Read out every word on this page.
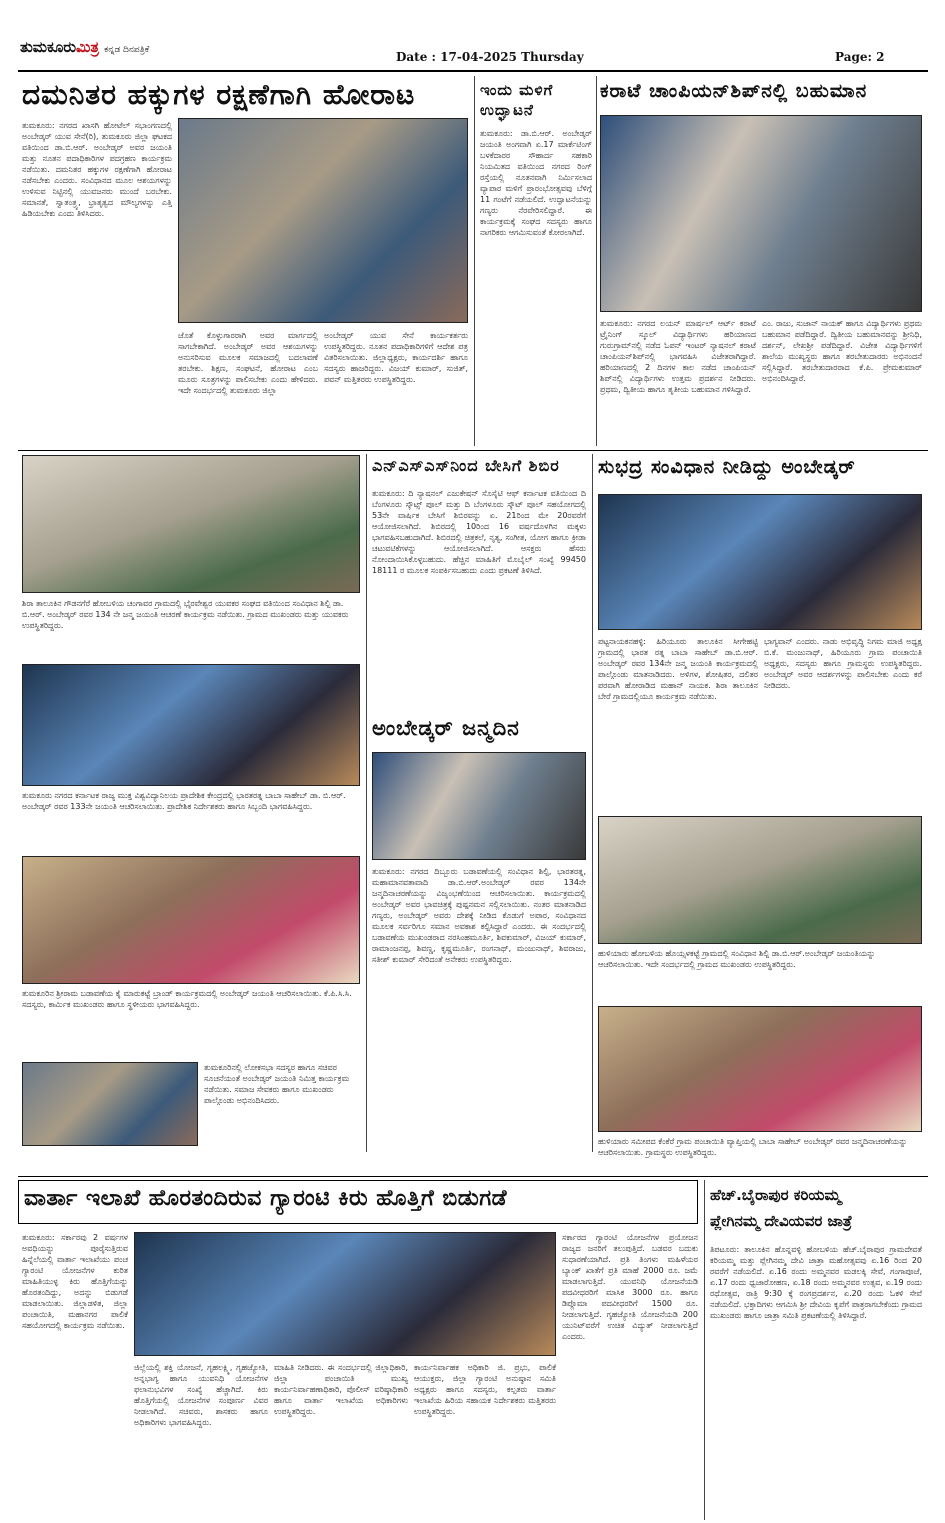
ತುಮಕೂರುಮಿತ್ರ ಕನ್ನಡ ದಿನಪತ್ರಿಕೆ	Date : 17-04-2025 Thursday	Page: 2
ದಮನಿತರ ಹಕ್ಕುಗಳ ರಕ್ಷಣೆಗಾಗಿ ಹೋರಾಟ
ತುಮಕೂರು: ನಗರದ ಖಾಸಗಿ ಹೋಟೆಲ್ ಸಭಾಂಗಣದಲ್ಲಿ ಅಂಬೇಡ್ಕರ್ ಯುವ ಸೇನೆ(ರಿ), ತುಮಕೂರು ಜಿಲ್ಲಾ ಘಟಕದ ವತಿಯಿಂದ ಡಾ.ಬಿ.ಆರ್. ಅಂಬೇಡ್ಕರ್ ಅವರ ಜಯಂತಿ ಮತ್ತು ನೂತನ ಪದಾಧಿಕಾರಿಗಳ ಪದಗ್ರಹಣ ಕಾರ್ಯಕ್ರಮ ನಡೆಯಿತು. ದಮನಿತರ ಹಕ್ಕುಗಳ ರಕ್ಷಣೆಗಾಗಿ ಹೋರಾಟ ನಡೆಸಬೇಕು ಎಂದರು. ಸಂವಿಧಾನದ ಮೂಲ ಆಶಯಗಳನ್ನು ಉಳಿಸುವ ನಿಟ್ಟಿನಲ್ಲಿ ಯುವಜನರು ಮುಂದೆ ಬರಬೇಕು. ಸಮಾನತೆ, ಸ್ವಾತಂತ್ರ್ಯ, ಭ್ರಾತೃತ್ವದ ಮೌಲ್ಯಗಳನ್ನು ಎತ್ತಿ ಹಿಡಿಯಬೇಕು ಎಂದು ತಿಳಿಸಿದರು.
ಜೊತೆ ಕೊಳ್ಳುಗಾರರಾಗಿ ಅವರ ಮಾರ್ಗದಲ್ಲಿ ಸಾಗಬೇಕಾಗಿದೆ. ಅಂಬೇಡ್ಕರ್ ಅವರ ಆಶಯಗಳನ್ನು ಅನುಸರಿಸುವ ಮೂಲಕ ಸಮಾಜದಲ್ಲಿ ಬದಲಾವಣೆ ತರಬೇಕು. ಶಿಕ್ಷಣ, ಸಂಘಟನೆ, ಹೋರಾಟ ಎಂಬ ಮೂರು ಸೂತ್ರಗಳನ್ನು ಪಾಲಿಸಬೇಕು ಎಂದು ಹೇಳಿದರು. ಇದೇ ಸಂದರ್ಭದಲ್ಲಿ ತುಮಕೂರು ಜಿಲ್ಲಾ
ಅಂಬೇಡ್ಕರ್ ಯುವ ಸೇನೆ ಕಾರ್ಯಕರ್ತರು ಉಪಸ್ಥಿತರಿದ್ದರು. ನೂತನ ಪದಾಧಿಕಾರಿಗಳಿಗೆ ಆದೇಶ ಪತ್ರ ವಿತರಿಸಲಾಯಿತು. ಜಿಲ್ಲಾಧ್ಯಕ್ಷರು, ಕಾರ್ಯದರ್ಶಿ ಹಾಗೂ ಸದಸ್ಯರು ಹಾಜರಿದ್ದರು. ವಿಜಯ್ ಕುಮಾರ್, ಸುಜಿತ್, ಪವನ್ ಮತ್ತಿತರರು ಉಪಸ್ಥಿತರಿದ್ದರು.
ಇಂದು ಮಳಿಗೆ ಉದ್ಘಾಟನೆ
ತುಮಕೂರು: ಡಾ.ಬಿ.ಆರ್. ಅಂಬೇಡ್ಕರ್ ಜಯಂತಿ ಅಂಗವಾಗಿ ಏ.17 ಮಾರ್ಕೆಟಿಂಗ್ ಬಳಕೆದಾರರ ಸೌಹಾರ್ದ ಸಹಕಾರಿ ನಿಯಮಿತದ ವತಿಯಿಂದ ನಗರದ ರಿಂಗ್ ರಸ್ತೆಯಲ್ಲಿ ನೂತನವಾಗಿ ನಿರ್ಮಿಸಲಾದ ವ್ಯಾಪಾರ ಮಳಿಗೆ ಪ್ರಾರಂಭೋತ್ಸವವು ಬೆಳಿಗ್ಗೆ 11 ಗಂಟೆಗೆ ನಡೆಯಲಿದೆ. ಉದ್ಘಾಟನೆಯನ್ನು ಗಣ್ಯರು ನೆರವೇರಿಸಲಿದ್ದಾರೆ. ಈ ಕಾರ್ಯಕ್ರಮಕ್ಕೆ ಸಂಘದ ಸದಸ್ಯರು ಹಾಗೂ ನಾಗರಿಕರು ಆಗಮಿಸುವಂತೆ ಕೋರಲಾಗಿದೆ.
ಕರಾಟೆ ಚಾಂಪಿಯನ್‌ಶಿಪ್‌ನಲ್ಲಿ ಬಹುಮಾನ
ತುಮಕೂರು: ನಗರದ ಲಯನ್ ಮಾರ್ಷಲ್ ಆರ್ಟ್ ಕರಾಟೆ ಟ್ರೈನಿಂಗ್ ಸ್ಕೂಲ್ ವಿದ್ಯಾರ್ಥಿಗಳು ಹರಿಯಾಣದ ಗುರುಗ್ರಾಮ್‌ನಲ್ಲಿ ನಡೆದ ಓಪನ್ ಇಂಟರ್ ನ್ಯಾಷನಲ್ ಕರಾಟೆ ಚಾಂಪಿಯನ್‌ಶಿಪ್‌ನಲ್ಲಿ ಭಾಗವಹಿಸಿ ವಿಜೇತರಾಗಿದ್ದಾರೆ. ಹರಿಯಾಣದಲ್ಲಿ 2 ದಿನಗಳ ಕಾಲ ನಡೆದ ಚಾಂಪಿಯನ್ ಶಿಪ್‌ನಲ್ಲಿ ವಿದ್ಯಾರ್ಥಿಗಳು ಉತ್ತಮ ಪ್ರದರ್ಶನ ನೀಡಿದರು. ಪ್ರಥಮ, ದ್ವಿತೀಯ ಹಾಗೂ ತೃತೀಯ ಬಹುಮಾನ ಗಳಿಸಿದ್ದಾರೆ.
ಎಂ. ರಾಜು, ಸುಜಾನ್ ನಾಯಕ್ ಹಾಗೂ ವಿದ್ಯಾರ್ಥಿಗಳು ಪ್ರಥಮ ಬಹುಮಾನ ಪಡೆದಿದ್ದಾರೆ. ದ್ವಿತೀಯ ಬಹುಮಾನವನ್ನು ಶ್ರೀನಿಧಿ, ದರ್ಶನ್, ಲೇಖಶ್ರೀ ಪಡೆದಿದ್ದಾರೆ. ವಿಜೇತ ವಿದ್ಯಾರ್ಥಿಗಳಿಗೆ ಶಾಲೆಯ ಮುಖ್ಯಸ್ಥರು ಹಾಗೂ ತರಬೇತುದಾರರು ಅಭಿನಂದನೆ ಸಲ್ಲಿಸಿದ್ದಾರೆ. ತರಬೇತುದಾರರಾದ ಕೆ.ಪಿ. ಪ್ರೇಮಕುಮಾರ್ ಅಭಿನಂದಿಸಿದ್ದಾರೆ.
ಶಿರಾ ತಾಲೂಕಿನ ಗೌಡನಗೆರೆ ಹೋಬಳಿಯ ಚಂಗಾವರ ಗ್ರಾಮದಲ್ಲಿ ಭೈರವೇಶ್ವರ ಯುವಕರ ಸಂಘದ ವತಿಯಿಂದ ಸಂವಿಧಾನ ಶಿಲ್ಪಿ ಡಾ. ಬಿ.ಆರ್. ಅಂಬೇಡ್ಕರ್ ರವರ 134 ನೇ ಜನ್ಮ ಜಯಂತಿ ಆಚರಣೆ ಕಾರ್ಯಕ್ರಮ ನಡೆಯಿತು. ಗ್ರಾಮದ ಮುಖಂಡರು ಮತ್ತು ಯುವಕರು ಉಪಸ್ಥಿತರಿದ್ದರು.
ತುಮಕೂರು ನಗರದ ಕರ್ನಾಟಕ ರಾಜ್ಯ ಮುಕ್ತ ವಿಶ್ವವಿದ್ಯಾನಿಲಯ ಪ್ರಾದೇಶಿಕ ಕೇಂದ್ರದಲ್ಲಿ ಭಾರತರತ್ನ ಬಾಬಾ ಸಾಹೇಬ್ ಡಾ. ಬಿ.ಆರ್. ಅಂಬೇಡ್ಕರ್ ರವರ 133ನೇ ಜಯಂತಿ ಆಚರಿಸಲಾಯಿತು. ಪ್ರಾದೇಶಿಕ ನಿರ್ದೇಶಕರು ಹಾಗೂ ಸಿಬ್ಬಂದಿ ಭಾಗವಹಿಸಿದ್ದರು.
ತುಮಕೂರಿನ ಶ್ರೀರಾಮ ಬಡಾವಣೆಯ ಕೈ ಮಾರುಕಟ್ಟೆ ಬ್ರಾಂಡ್ ಕಾರ್ಯಕ್ರಮದಲ್ಲಿ ಅಂಬೇಡ್ಕರ್ ಜಯಂತಿ ಆಚರಿಸಲಾಯಿತು. ಕೆ.ಪಿ.ಸಿ.ಸಿ. ಸದಸ್ಯರು, ಕಾರ್ಮಿಕ ಮುಖಂಡರು ಹಾಗೂ ಸ್ಥಳೀಯರು ಭಾಗವಹಿಸಿದ್ದರು.
ತುಮಕೂರಿನಲ್ಲಿ ಲೋಕಸಭಾ ಸದಸ್ಯರ ಹಾಗೂ ಸಚಿವರ ಸೂಚನೆಯಂತೆ ಅಂಬೇಡ್ಕರ್ ಜಯಂತಿ ನಿಮಿತ್ತ ಕಾರ್ಯಕ್ರಮ ನಡೆಯಿತು. ಸಮಾಜ ಸೇವಕರು ಹಾಗೂ ಮುಖಂಡರು ಪಾಲ್ಗೊಂಡು ಅಭಿನಂದಿಸಿದರು.
ಎನ್‌ಎಸ್‌ಎಸ್‌ನಿಂದ ಬೇಸಿಗೆ ಶಿಬಿರ
ತುಮಕೂರು: ದಿ ನ್ಯಾಷನಲ್ ಎಜುಕೇಷನ್ ಸೊಸೈಟಿ ಆಫ್ ಕರ್ನಾಟಕ ವತಿಯಿಂದ ದಿ ಬೆಂಗಳೂರು ಸ್ಕೌಟ್ಸ್ ಪೂಲ್ ಮತ್ತು ದಿ ಬೆಂಗಳೂರು ಸ್ಕೌಟ್ ಪೂಲ್ ಸಹಯೋಗದಲ್ಲಿ 53ನೇ ವಾರ್ಷಿಕ ಬೇಸಿಗೆ ಶಿಬಿರವನ್ನು ಏ. 21ರಿಂದ ಮೇ 20ರವರೆಗೆ ಆಯೋಜಿಸಲಾಗಿದೆ. ಶಿಬಿರದಲ್ಲಿ 10ರಿಂದ 16 ವರ್ಷದೊಳಗಿನ ಮಕ್ಕಳು ಭಾಗವಹಿಸಬಹುದಾಗಿದೆ. ಶಿಬಿರದಲ್ಲಿ ಚಿತ್ರಕಲೆ, ನೃತ್ಯ, ಸಂಗೀತ, ಯೋಗ ಹಾಗೂ ಕ್ರೀಡಾ ಚಟುವಟಿಕೆಗಳನ್ನು ಆಯೋಜಿಸಲಾಗಿದೆ. ಆಸಕ್ತರು ಹೆಸರು ನೋಂದಾಯಿಸಿಕೊಳ್ಳಬಹುದು. ಹೆಚ್ಚಿನ ಮಾಹಿತಿಗೆ ಮೊಬೈಲ್ ಸಂಖ್ಯೆ 99450 18111 ರ ಮೂಲಕ ಸಂಪರ್ಕಿಸಬಹುದು ಎಂದು ಪ್ರಕಟಣೆ ತಿಳಿಸಿದೆ.
ಅಂಬೇಡ್ಕರ್ ಜನ್ಮದಿನ
ತುಮಕೂರು: ನಗರದ ದಿಬ್ಬೂರು ಬಡಾವಣೆಯಲ್ಲಿ ಸಂವಿಧಾನ ಶಿಲ್ಪಿ, ಭಾರತರತ್ನ, ಮಹಾಮಾನವತಾವಾದಿ ಡಾ.ಬಿ.ಆರ್.ಅಂಬೇಡ್ಕರ್ ರವರ 134ನೇ ಜನ್ಮದಿನಾಚರಣೆಯನ್ನು ವಿಜೃಂಭಣೆಯಿಂದ ಆಚರಿಸಲಾಯಿತು. ಕಾರ್ಯಕ್ರಮದಲ್ಲಿ ಅಂಬೇಡ್ಕರ್ ಅವರ ಭಾವಚಿತ್ರಕ್ಕೆ ಪುಷ್ಪನಮನ ಸಲ್ಲಿಸಲಾಯಿತು. ನಂತರ ಮಾತನಾಡಿದ ಗಣ್ಯರು, ಅಂಬೇಡ್ಕರ್ ಅವರು ದೇಶಕ್ಕೆ ನೀಡಿದ ಕೊಡುಗೆ ಅಪಾರ, ಸಂವಿಧಾನದ ಮೂಲಕ ಸರ್ವರಿಗೂ ಸಮಾನ ಅವಕಾಶ ಕಲ್ಪಿಸಿದ್ದಾರೆ ಎಂದರು. ಈ ಸಂದರ್ಭದಲ್ಲಿ ಬಡಾವಣೆಯ ಮುಖಂಡರಾದ ನರಸಿಂಹಮೂರ್ತಿ, ಶಿವಕುಮಾರ್, ವಿಜಯ್ ಕುಮಾರ್, ರಾಮಾಂಜನಪ್ಪ, ಶಿವಣ್ಣ, ಕೃಷ್ಣಮೂರ್ತಿ, ರಂಗನಾಥ್, ಮಂಜುನಾಥ್, ಶಿವರಾಜು, ಸತೀಶ್ ಕುಮಾರ್ ಸೇರಿದಂತೆ ಅನೇಕರು ಉಪಸ್ಥಿತರಿದ್ದರು.
ಸುಭದ್ರ ಸಂವಿಧಾನ ನೀಡಿದ್ದು ಅಂಬೇಡ್ಕರ್
ಪಟ್ಟನಾಯಕನಹಳ್ಳಿ: ಹಿರಿಯೂರು ತಾಲೂಕಿನ ಸೀಗೇಹಟ್ಟಿ ಗ್ರಾಮದಲ್ಲಿ ಭಾರತ ರತ್ನ ಬಾಬಾ ಸಾಹೇಬ್ ಡಾ.ಬಿ.ಆರ್. ಅಂಬೇಡ್ಕರ್ ರವರ 134ನೇ ಜನ್ಮ ಜಯಂತಿ ಕಾರ್ಯಕ್ರಮದಲ್ಲಿ ಪಾಲ್ಗೊಂಡು ಮಾತನಾಡಿದರು. ಅಳಿಗಳ, ಶೋಷಿತರ, ದಲಿತರ ಪರವಾಗಿ ಹೋರಾಡಿದ ಮಹಾನ್ ನಾಯಕ. ಶಿರಾ ತಾಲೂಕಿನ ಬೇರೆ ಗ್ರಾಮದಲ್ಲಿಯೂ ಕಾರ್ಯಕ್ರಮ ನಡೆಯಿತು.
ಭಾಗ್ಯವಾನ್ ಎಂದರು. ನಾಡು ಅಭಿವೃದ್ಧಿ ನಿಗಮ ಮಾಜಿ ಅಧ್ಯಕ್ಷ ಬಿ.ಕೆ. ಮಂಜುನಾಥ್, ಹಿರಿಯೂರು ಗ್ರಾಮ ಪಂಚಾಯಿತಿ ಅಧ್ಯಕ್ಷರು, ಸದಸ್ಯರು ಹಾಗೂ ಗ್ರಾಮಸ್ಥರು ಉಪಸ್ಥಿತರಿದ್ದರು. ಅಂಬೇಡ್ಕರ್ ಅವರ ಆದರ್ಶಗಳನ್ನು ಪಾಲಿಸಬೇಕು ಎಂದು ಕರೆ ನೀಡಿದರು.
ಹುಳಿಯಾರು ಹೋಬಳಿಯ ಹೊಯ್ಸಳಕಟ್ಟೆ ಗ್ರಾಮದಲ್ಲಿ ಸಂವಿಧಾನ ಶಿಲ್ಪಿ ಡಾ.ಬಿ.ಆರ್.ಅಂಬೇಡ್ಕರ್ ಜಯಂತಿಯನ್ನು ಆಚರಿಸಲಾಯಿತು. ಇದೇ ಸಂದರ್ಭದಲ್ಲಿ ಗ್ರಾಮದ ಮುಖಂಡರು ಉಪಸ್ಥಿತರಿದ್ದರು.
ಹುಳಿಯಾರು ಸಮೀಪದ ಕೆಂಕೆರೆ ಗ್ರಾಮ ಪಂಚಾಯಿತಿ ವ್ಯಾಪ್ತಿಯಲ್ಲಿ ಬಾಬಾ ಸಾಹೇಬ್ ಅಂಬೇಡ್ಕರ್ ರವರ ಜನ್ಮದಿನಾಚರಣೆಯನ್ನು ಆಚರಿಸಲಾಯಿತು. ಗ್ರಾಮಸ್ಥರು ಉಪಸ್ಥಿತರಿದ್ದರು.
ವಾರ್ತಾ ಇಲಾಖೆ ಹೊರತಂದಿರುವ ಗ್ಯಾರಂಟಿ ಕಿರು ಹೊತ್ತಿಗೆ ಬಿಡುಗಡೆ
ತುಮಕೂರು: ಸರ್ಕಾರವು 2 ವರ್ಷಗಳ ಅವಧಿಯನ್ನು ಪೂರೈಸುತ್ತಿರುವ ಹಿನ್ನೆಲೆಯಲ್ಲಿ ವಾರ್ತಾ ಇಲಾಖೆಯು ಪಂಚ ಗ್ಯಾರಂಟಿ ಯೋಜನೆಗಳ ಕುರಿತ ಮಾಹಿತಿಯುಳ್ಳ ಕಿರು ಹೊತ್ತಿಗೆಯನ್ನು ಹೊರತಂದಿದ್ದು, ಅದನ್ನು ಬಿಡುಗಡೆ ಮಾಡಲಾಯಿತು. ಜಿಲ್ಲಾಡಳಿತ, ಜಿಲ್ಲಾ ಪಂಚಾಯಿತಿ, ಮಹಾನಗರ ಪಾಲಿಕೆ ಸಹಯೋಗದಲ್ಲಿ ಕಾರ್ಯಕ್ರಮ ನಡೆಯಿತು.
ಜಿಲ್ಲೆಯಲ್ಲಿ ಶಕ್ತಿ ಯೋಜನೆ, ಗೃಹಲಕ್ಷ್ಮಿ, ಗೃಹಜ್ಯೋತಿ, ಅನ್ನಭಾಗ್ಯ ಹಾಗೂ ಯುವನಿಧಿ ಯೋಜನೆಗಳ ಫಲಾನುಭವಿಗಳ ಸಂಖ್ಯೆ ಹೆಚ್ಚಾಗಿದೆ. ಕಿರು ಹೊತ್ತಿಗೆಯಲ್ಲಿ ಯೋಜನೆಗಳ ಸಂಪೂರ್ಣ ವಿವರ ನೀಡಲಾಗಿದೆ. ಸಚಿವರು, ಶಾಸಕರು ಹಾಗೂ ಅಧಿಕಾರಿಗಳು ಭಾಗವಹಿಸಿದ್ದರು.
ಮಾಹಿತಿ ನೀಡಿದರು. ಈ ಸಂದರ್ಭದಲ್ಲಿ ಜಿಲ್ಲಾಧಿಕಾರಿ, ಜಿಲ್ಲಾ ಪಂಚಾಯಿತಿ ಮುಖ್ಯ ಕಾರ್ಯನಿರ್ವಾಹಣಾಧಿಕಾರಿ, ಪೊಲೀಸ್ ವರಿಷ್ಠಾಧಿಕಾರಿ ಹಾಗೂ ವಾರ್ತಾ ಇಲಾಖೆಯ ಅಧಿಕಾರಿಗಳು ಉಪಸ್ಥಿತರಿದ್ದರು.
ಕಾರ್ಯನಿರ್ವಾಹಕ ಅಧಿಕಾರಿ ಜಿ. ಪ್ರಭು, ಪಾಲಿಕೆ ಆಯುಕ್ತರು, ಜಿಲ್ಲಾ ಗ್ಯಾರಂಟಿ ಅನುಷ್ಠಾನ ಸಮಿತಿ ಅಧ್ಯಕ್ಷರು ಹಾಗೂ ಸದಸ್ಯರು, ಕಲ್ಪತರು ವಾರ್ತಾ ಇಲಾಖೆಯ ಹಿರಿಯ ಸಹಾಯಕ ನಿರ್ದೇಶಕರು ಮತ್ತಿತರರು ಉಪಸ್ಥಿತರಿದ್ದರು.
ಸರ್ಕಾರದ ಗ್ಯಾರಂಟಿ ಯೋಜನೆಗಳ ಪ್ರಯೋಜನ ರಾಜ್ಯದ ಜನರಿಗೆ ತಲುಪುತ್ತಿದೆ. ಬಡವರ ಬದುಕು ಸುಧಾರಣೆಯಾಗಿದೆ. ಪ್ರತಿ ತಿಂಗಳು ಮಹಿಳೆಯರ ಬ್ಯಾಂಕ್ ಖಾತೆಗೆ ಪ್ರತಿ ಮಾಹೆ 2000 ರೂ. ಜಮೆ ಮಾಡಲಾಗುತ್ತಿದೆ. ಯುವನಿಧಿ ಯೋಜನೆಯಡಿ ಪದವೀಧರರಿಗೆ ಮಾಸಿಕ 3000 ರೂ. ಹಾಗೂ ಡಿಪ್ಲೊಮಾ ಪದವೀಧರರಿಗೆ 1500 ರೂ. ನೀಡಲಾಗುತ್ತಿದೆ. ಗೃಹಜ್ಯೋತಿ ಯೋಜನೆಯಡಿ 200 ಯುನಿಟ್‌ವರೆಗೆ ಉಚಿತ ವಿದ್ಯುತ್ ನೀಡಲಾಗುತ್ತಿದೆ ಎಂದರು.
ಹೆಚ್.ಬೈರಾಪುರ ಕರಿಯಮ್ಮ
ಪ್ಲೇಗಿನಮ್ಮ ದೇವಿಯವರ ಜಾತ್ರೆ
ತಿಪಟೂರು: ತಾಲೂಕಿನ ಹೊನ್ನವಳ್ಳಿ ಹೋಬಳಿಯ ಹೆಚ್.ಬೈರಾಪುರ ಗ್ರಾಮದೇವತೆ ಕರಿಯಮ್ಮ ಮತ್ತು ಪ್ಲೇಗಿನಮ್ಮ ದೇವಿ ಜಾತ್ರಾ ಮಹೋತ್ಸವವು ಏ.16 ರಿಂದ 20 ರವರೆಗೆ ನಡೆಯಲಿದೆ. ಏ.16 ರಂದು ಅಮ್ಮನವರ ಮಡಲಕ್ಕಿ ಸೇವೆ, ಗಂಗಾಪೂಜೆ, ಏ.17 ರಂದು ಧ್ವಜಾರೋಹಣ, ಏ.18 ರಂದು ಅಮ್ಮನವರ ಉತ್ಸವ, ಏ.19 ರಂದು ರಥೋತ್ಸವ, ರಾತ್ರಿ 9:30 ಕ್ಕೆ ರಂಗಪ್ರದರ್ಶನ, ಏ.20 ರಂದು ಓಕಳಿ ಸೇವೆ ನಡೆಯಲಿದೆ. ಭಕ್ತಾದಿಗಳು ಆಗಮಿಸಿ ಶ್ರೀ ದೇವಿಯ ಕೃಪೆಗೆ ಪಾತ್ರರಾಗಬೇಕೆಂದು ಗ್ರಾಮದ ಮುಖಂಡರು ಹಾಗೂ ಜಾತ್ರಾ ಸಮಿತಿ ಪ್ರಕಟಣೆಯಲ್ಲಿ ತಿಳಿಸಿದ್ದಾರೆ.
